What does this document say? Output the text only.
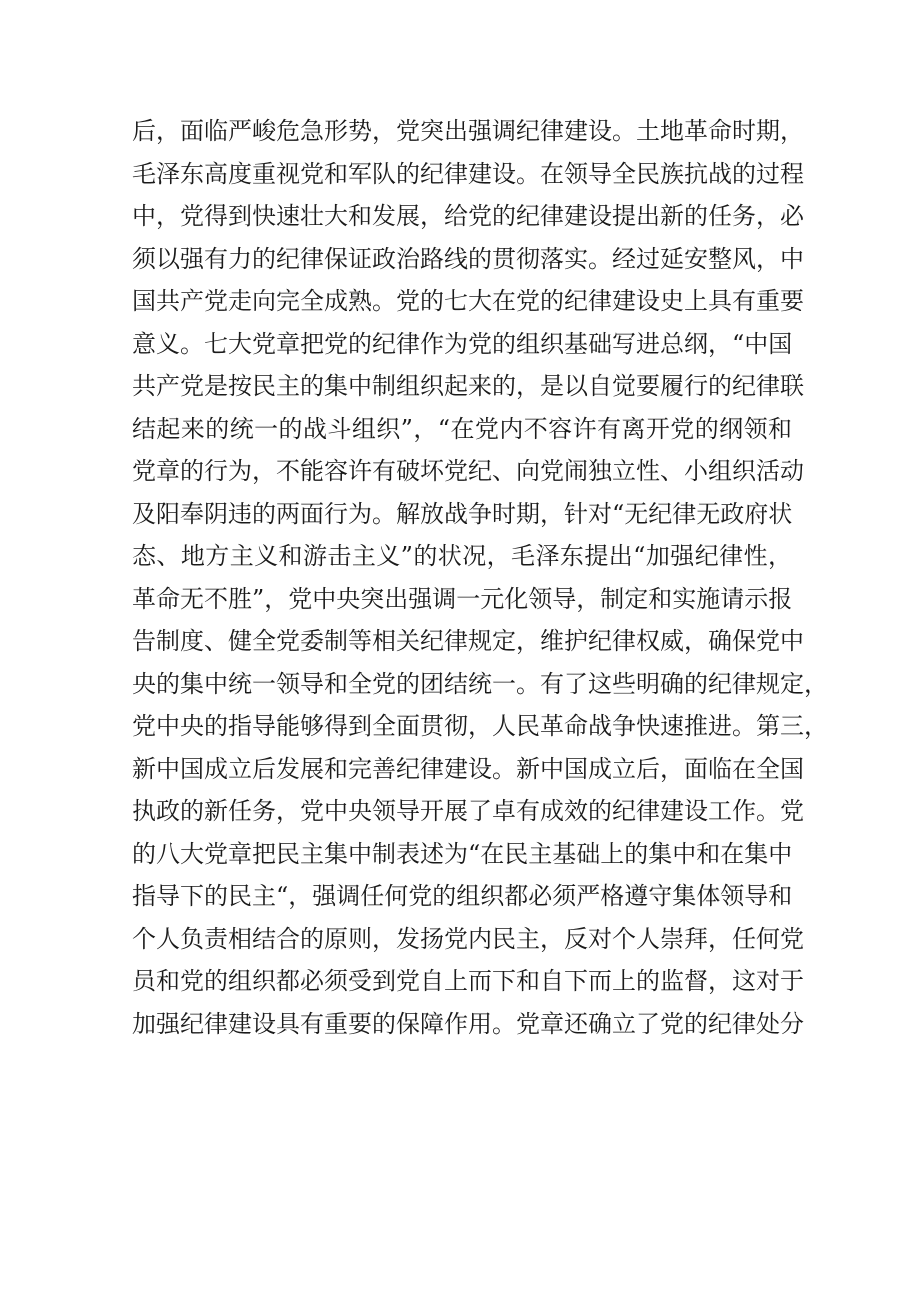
后，面临严峻危急形势，党突出强调纪律建设。土地革命时期，
毛泽东高度重视党和军队的纪律建设。在领导全民族抗战的过程
中，党得到快速壮大和发展，给党的纪律建设提出新的任务，必
须以强有力的纪律保证政治路线的贯彻落实。经过延安整风，中
国共产党走向完全成熟。党的七大在党的纪律建设史上具有重要
意义。七大党章把党的纪律作为党的组织基础写进总纲，“中国
共产党是按民主的集中制组织起来的，是以自觉要履行的纪律联
结起来的统一的战斗组织”，“在党内不容许有离开党的纲领和
党章的行为，不能容许有破坏党纪、向党闹独立性、小组织活动
及阳奉阴违的两面行为。解放战争时期，针对“无纪律无政府状
态、地方主义和游击主义”的状况，毛泽东提出“加强纪律性，
革命无不胜”，党中央突出强调一元化领导，制定和实施请示报
告制度、健全党委制等相关纪律规定，维护纪律权威，确保党中
央的集中统一领导和全党的团结统一。有了这些明确的纪律规定，
党中央的指导能够得到全面贯彻，人民革命战争快速推进。第三，
新中国成立后发展和完善纪律建设。新中国成立后，面临在全国
执政的新任务，党中央领导开展了卓有成效的纪律建设工作。党
的八大党章把民主集中制表述为“在民主基础上的集中和在集中
指导下的民主“，强调任何党的组织都必须严格遵守集体领导和
个人负责相结合的原则，发扬党内民主，反对个人崇拜，任何党
员和党的组织都必须受到党自上而下和自下而上的监督，这对于
加强纪律建设具有重要的保障作用。党章还确立了党的纪律处分
